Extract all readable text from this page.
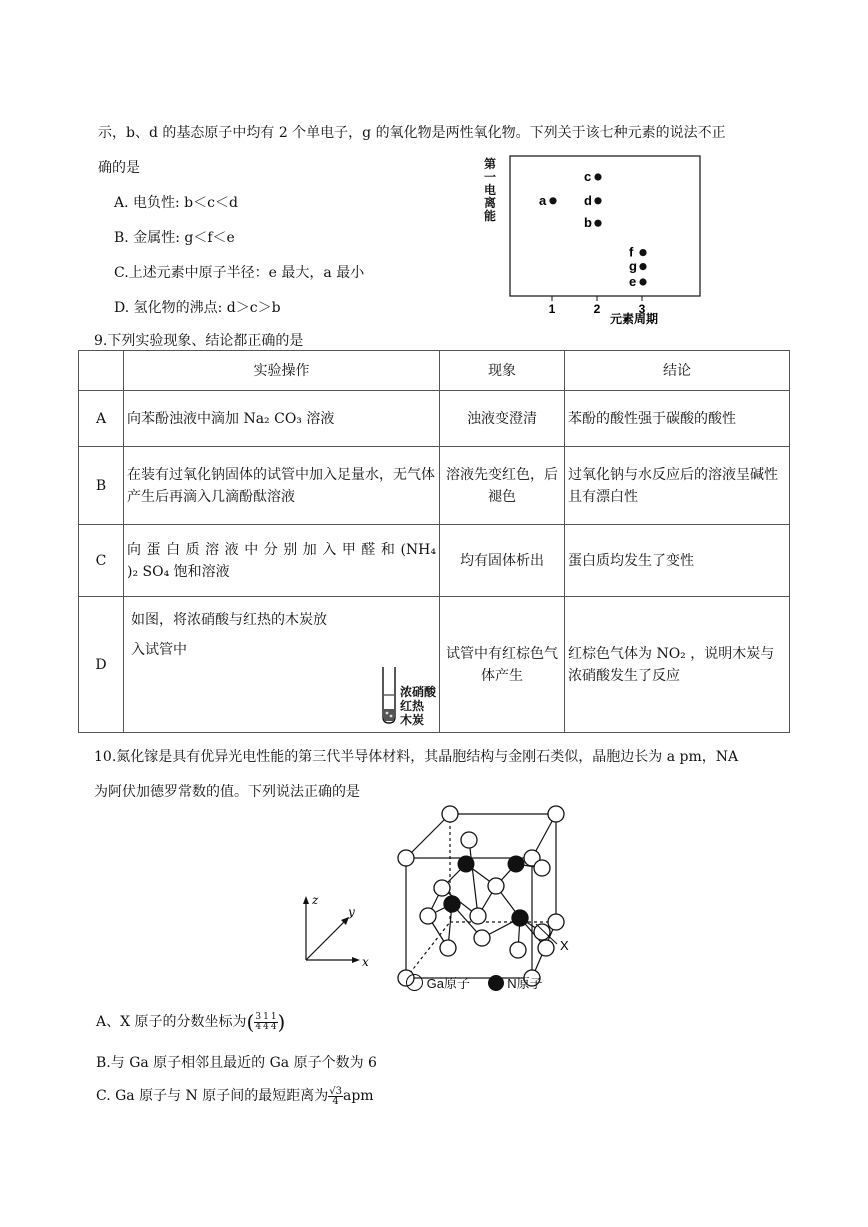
示，b、d 的基态原子中均有 2 个单电子，g 的氧化物是两性氧化物。下列关于该七种元素的说法不正
确的是
A. 电负性: b＜c＜d
B. 金属性: g＜f＜e
C.上述元素中原子半径：e 最大，a 最小
D. 氢化物的沸点: d＞c＞b	1	2	3
a
c
d
b
f
g
e
元素周期
第一电离能
9.下列实验现象、结论都正确的是
	实验操作	现象	结论
A	向苯酚浊液中滴加 Na₂ CO₃ 溶液	浊液变澄清	苯酚的酸性强于碳酸的酸性
B	在装有过氧化钠固体的试管中加入足量水，无气体产生后再滴入几滴酚酞溶液	溶液先变红色，后褪色	过氧化钠与水反应后的溶液呈碱性且有漂白性
C	向 蛋 白 质 溶 液 中 分 别 加 入 甲 醛 和 (NH₄ )₂ SO₄ 饱和溶液	均有固体析出	蛋白质均发生了变性
D	如图，将浓硝酸与红热的木炭放
入试管中
浓硝酸
红热
木炭	试管中有红棕色气体产生	红棕色气体为 NO₂ ，说明木炭与浓硝酸发生了反应
10.氮化镓是具有优异光电性能的第三代半导体材料，其晶胞结构与金刚石类似，晶胞边长为 a pm，NA
为阿伏加德罗常数的值。下列说法正确的是
z
y
x
X
Ga原子	N原子
A、X 原子的分数坐标为( $\frac{3}{4} \frac{1}{4} \frac{1}{4}$ )
B.与 Ga 原子相邻且最近的 Ga 原子个数为 6
C. Ga 原子与 N 原子间的最短距离为 $\frac{√3}{4}$ apm
